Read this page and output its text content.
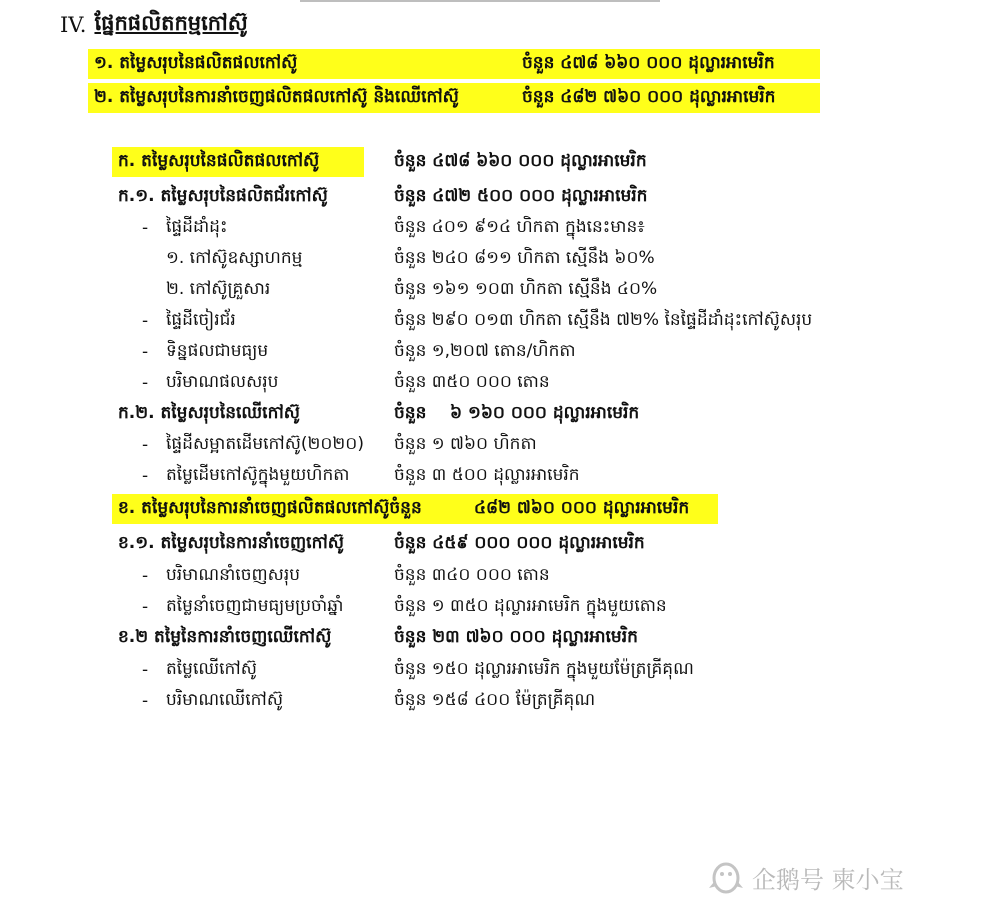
IV. ផ្នែកផលិតកម្មកៅស៊ូ
១. តម្លៃសរុបនៃផលិតផលកៅស៊ូ	ចំនួន ៤៧៨ ៦៦០ ០០០ ដុល្លារអាមេរិក
២. តម្លៃសរុបនៃការនាំចេញផលិតផលកៅស៊ូ និងឈើកៅស៊ូ	ចំនួន ៤៨២ ៧៦០ ០០០ ដុល្លារអាមេរិក
ក. តម្លៃសរុបនៃផលិតផលកៅស៊ូ	ចំនួន ៤៧៨ ៦៦០ ០០០ ដុល្លារអាមេរិក
ក.១. តម្លៃសរុបនៃផលិតជ័រកៅស៊ូ	ចំនួន ៤៧២ ៥០០ ០០០ ដុល្លារអាមេរិក
- ផ្ទៃដីដាំដុះ	ចំនួន ៤០១ ៩១៤ ហិកតា ក្នុងនេះមាន៖
១. កៅស៊ូឧស្សាហកម្ម	ចំនួន ២៤០ ៨១១ ហិកតា ស្មើនឹង ៦០%
២. កៅស៊ូគ្រួសារ	ចំនួន ១៦១ ១០៣ ហិកតា ស្មើនឹង ៤០%
- ផ្ទៃដីចៀរជ័រ	ចំនួន ២៩០ ០១៣ ហិកតា ស្មើនឹង ៧២% នៃផ្ទៃដីដាំដុះកៅស៊ូសរុប
- ទិន្នផលជាមធ្យម	ចំនួន ១,២០៧ តោន/ហិកតា
- បរិមាណផលសរុប	ចំនួន ៣៥០ ០០០ តោន
ក.២. តម្លៃសរុបនៃឈើកៅស៊ូ	ចំនួន    ៦ ១៦០ ០០០ ដុល្លារអាមេរិក
- ផ្ទៃដីសម្អាតដើមកៅស៊ូ(២០២០) ចំនួន ១ ៧៦០ ហិកតា
- តម្លៃដើមកៅស៊ូក្នុងមួយហិកតា	ចំនួន ៣ ៥០០ ដុល្លារអាមេរិក
ខ. តម្លៃសរុបនៃការនាំចេញផលិតផលកៅស៊ូចំនួន	៤៨២ ៧៦០ ០០០ ដុល្លារអាមេរិក
ខ.១. តម្លៃសរុបនៃការនាំចេញកៅស៊ូ	ចំនួន ៤៥៩ ០០០ ០០០ ដុល្លារអាមេរិក
- បរិមាណនាំចេញសរុប	ចំនួន ៣៤០ ០០០ តោន
- តម្លៃនាំចេញជាមធ្យមប្រចាំឆ្នាំ	ចំនួន ១ ៣៥០ ដុល្លារអាមេរិក ក្នុងមួយតោន
ខ.២ តម្លៃនៃការនាំចេញឈើកៅស៊ូ	ចំនួន ២៣ ៧៦០ ០០០ ដុល្លារអាមេរិក
- តម្លៃឈើកៅស៊ូ	ចំនួន ១៥០ ដុល្លារអាមេរិក ក្នុងមួយម៉ែត្រគ្រីគុណ
- បរិមាណឈើកៅស៊ូ	ចំនួន ១៥៨ ៤០០ ម៉ែត្រគ្រីគុណ
企鹅号 柬小宝
